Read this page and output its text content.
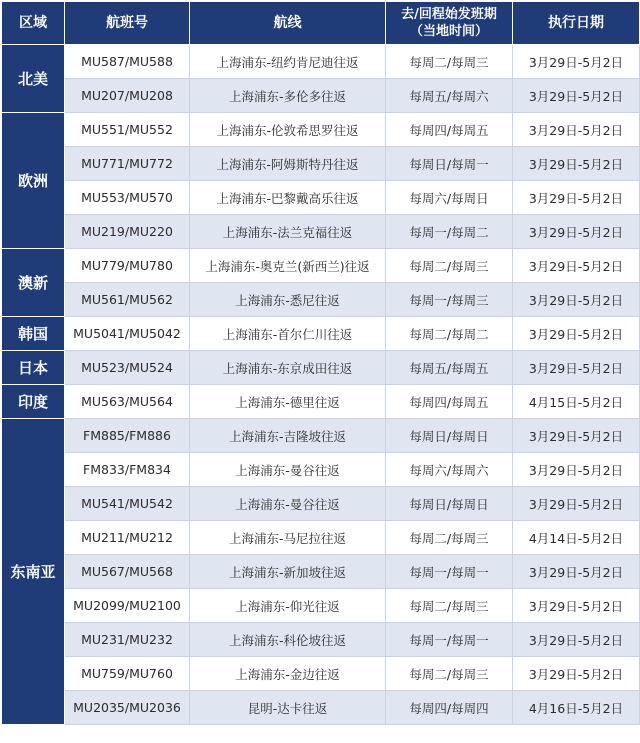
区域	航班号	航线	去/回程始发班期
（当地时间）	执行日期
北美	MU587/MU588	上海浦东-纽约肯尼迪往返	每周二/每周三	3月29日-5月2日
	MU207/MU208	上海浦东-多伦多往返	每周五/每周六	3月29日-5月2日
欧洲	MU551/MU552	上海浦东-伦敦希思罗往返	每周四/每周五	3月29日-5月2日
	MU771/MU772	上海浦东-阿姆斯特丹往返	每周日/每周一	3月29日-5月2日
	MU553/MU570	上海浦东-巴黎戴高乐往返	每周六/每周日	3月29日-5月2日
	MU219/MU220	上海浦东-法兰克福往返	每周一/每周二	3月29日-5月2日
澳新	MU779/MU780	上海浦东-奥克兰(新西兰)往返	每周二/每周三	3月29日-5月2日
	MU561/MU562	上海浦东-悉尼往返	每周一/每周三	3月29日-5月2日
韩国	MU5041/MU5042	上海浦东-首尔仁川往返	每周二/每周二	3月29日-5月2日
日本	MU523/MU524	上海浦东-东京成田往返	每周五/每周五	3月29日-5月2日
印度	MU563/MU564	上海浦东-德里往返	每周四/每周五	4月15日-5月2日
东南亚	FM885/FM886	上海浦东-吉隆坡往返	每周日/每周日	3月29日-5月2日
	FM833/FM834	上海浦东-曼谷往返	每周六/每周六	3月29日-5月2日
	MU541/MU542	上海浦东-曼谷往返	每周日/每周日	3月29日-5月2日
	MU211/MU212	上海浦东-马尼拉往返	每周二/每周三	4月14日-5月2日
	MU567/MU568	上海浦东-新加坡往返	每周一/每周一	3月29日-5月2日
	MU2099/MU2100	上海浦东-仰光往返	每周二/每周三	3月29日-5月2日
	MU231/MU232	上海浦东-科伦坡往返	每周一/每周一	3月29日-5月2日
	MU759/MU760	上海浦东-金边往返	每周二/每周三	3月29日-5月2日
	MU2035/MU2036	昆明-达卡往返	每周四/每周四	4月16日-5月2日
